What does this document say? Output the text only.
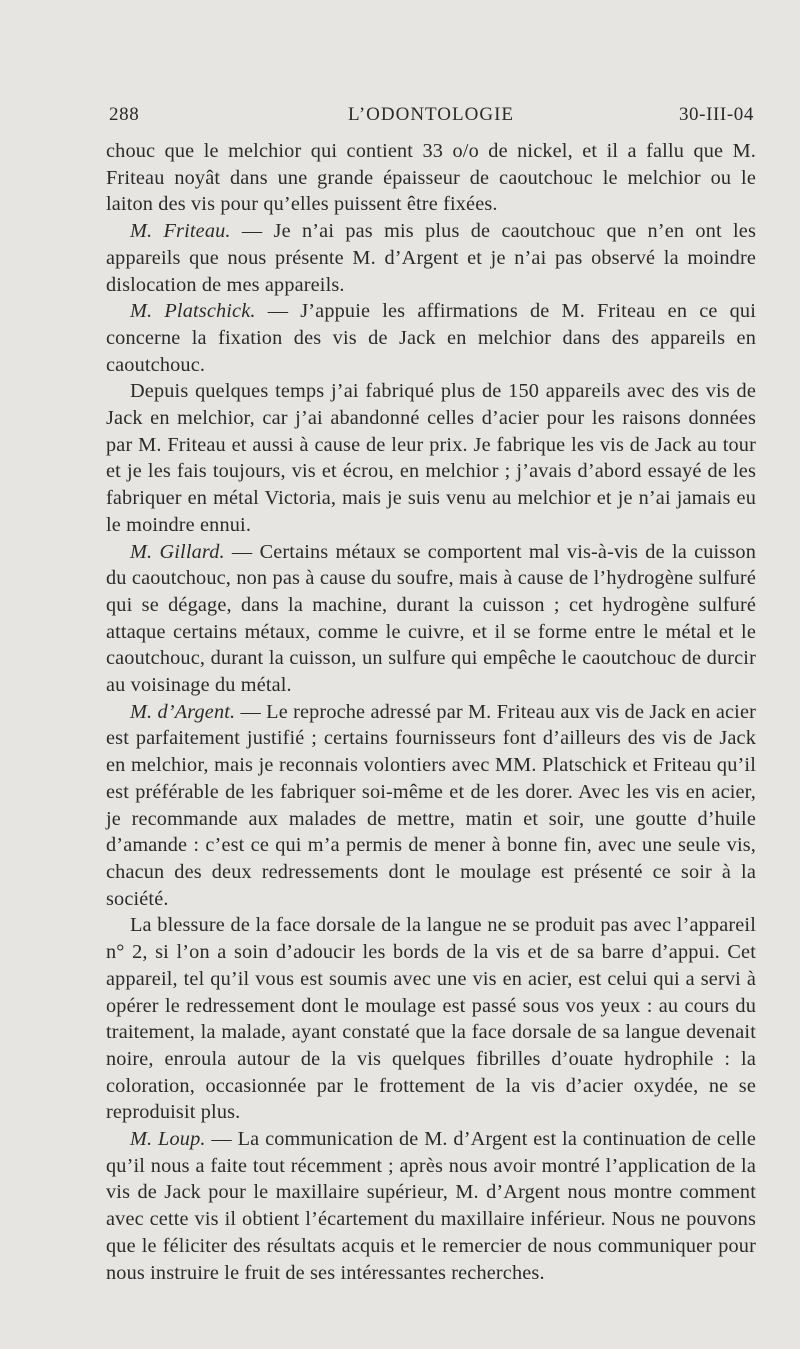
288	L’ODONTOLOGIE	30-III-04

chouc que le melchior qui contient 33 o/o de nickel, et il a fallu que M. Friteau noyât dans une grande épaisseur de caoutchouc le melchior ou le laiton des vis pour qu’elles puissent être fixées.

M. Friteau. — Je n’ai pas mis plus de caoutchouc que n’en ont les appareils que nous présente M. d’Argent et je n’ai pas observé la moindre dislocation de mes appareils.

M. Platschick. — J’appuie les affirmations de M. Friteau en ce qui concerne la fixation des vis de Jack en melchior dans des appareils en caoutchouc.

Depuis quelques temps j’ai fabriqué plus de 150 appareils avec des vis de Jack en melchior, car j’ai abandonné celles d’acier pour les raisons données par M. Friteau et aussi à cause de leur prix. Je fabrique les vis de Jack au tour et je les fais toujours, vis et écrou, en melchior ; j’avais d’abord essayé de les fabriquer en métal Victoria, mais je suis venu au melchior et je n’ai jamais eu le moindre ennui.

M. Gillard. — Certains métaux se comportent mal vis-à-vis de la cuisson du caoutchouc, non pas à cause du soufre, mais à cause de l’hydrogène sulfuré qui se dégage, dans la machine, durant la cuisson ; cet hydrogène sulfuré attaque certains métaux, comme le cuivre, et il se forme entre le métal et le caoutchouc, durant la cuisson, un sulfure qui empêche le caoutchouc de durcir au voisinage du métal.

M. d’Argent. — Le reproche adressé par M. Friteau aux vis de Jack en acier est parfaitement justifié ; certains fournisseurs font d’ailleurs des vis de Jack en melchior, mais je reconnais volontiers avec MM. Platschick et Friteau qu’il est préférable de les fabriquer soi-même et de les dorer. Avec les vis en acier, je recommande aux malades de mettre, matin et soir, une goutte d’huile d’amande : c’est ce qui m’a permis de mener à bonne fin, avec une seule vis, chacun des deux redressements dont le moulage est présenté ce soir à la société.

La blessure de la face dorsale de la langue ne se produit pas avec l’appareil n° 2, si l’on a soin d’adoucir les bords de la vis et de sa barre d’appui. Cet appareil, tel qu’il vous est soumis avec une vis en acier, est celui qui a servi à opérer le redressement dont le moulage est passé sous vos yeux : au cours du traitement, la malade, ayant constaté que la face dorsale de sa langue devenait noire, enroula autour de la vis quelques fibrilles d’ouate hydrophile : la coloration, occasionnée par le frottement de la vis d’acier oxydée, ne se reproduisit plus.

M. Loup. — La communication de M. d’Argent est la continuation de celle qu’il nous a faite tout récemment ; après nous avoir montré l’application de la vis de Jack pour le maxillaire supérieur, M. d’Argent nous montre comment avec cette vis il obtient l’écartement du maxillaire inférieur. Nous ne pouvons que le féliciter des résultats acquis et le remercier de nous communiquer pour nous instruire le fruit de ses intéressantes recherches.
